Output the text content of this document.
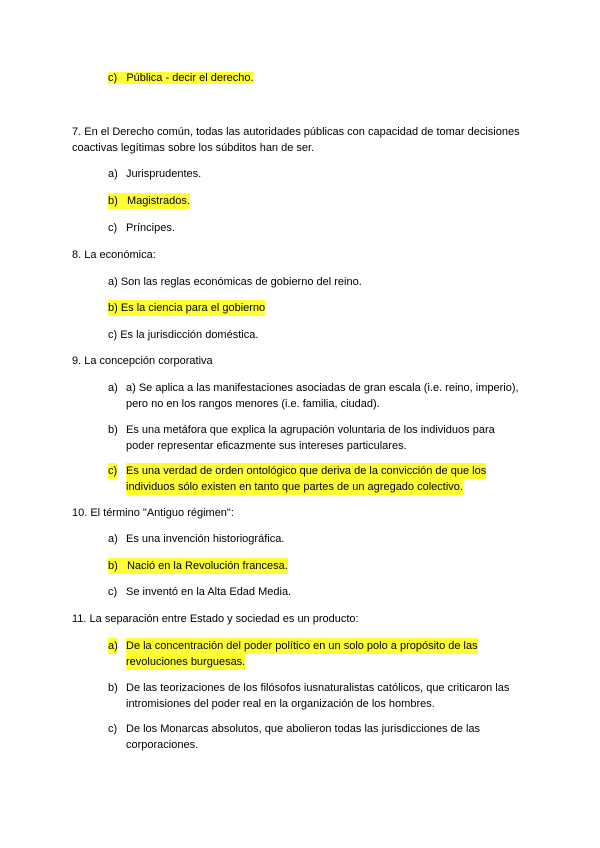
c) Pública - decir el derecho.
7. En el Derecho común, todas las autoridades públicas con capacidad de tomar decisiones
coactivas legítimas sobre los súbditos han de ser.
a) Jurisprudentes.
b) Magistrados.
c) Príncipes.
8. La económica:
a) Son las reglas económicas de gobierno del reino.
b) Es la ciencia para el gobierno
c) Es la jurisdicción doméstica.
9. La concepción corporativa
a) a) Se aplica a las manifestaciones asociadas de gran escala (i.e. reino, imperio),
pero no en los rangos menores (i.e. familia, ciudad).
b) Es una metáfora que explica la agrupación voluntaria de los individuos para
poder representar eficazmente sus intereses particulares.
c) Es una verdad de orden ontológico que deriva de la convicción de que los
individuos sólo existen en tanto que partes de un agregado colectivo.
10. El término "Antiguo régimen":
a) Es una invención historiográfica.
b) Nació en la Revolución francesa.
c) Se inventó en la Alta Edad Media.
11. La separación entre Estado y sociedad es un producto:
a) De la concentración del poder político en un solo polo a propósito de las
revoluciones burguesas.
b) De las teorizaciones de los filósofos iusnaturalistas católicos, que criticaron las
intromisiones del poder real en la organización de los hombres.
c) De los Monarcas absolutos, que abolieron todas las jurisdicciones de las
corporaciones.
